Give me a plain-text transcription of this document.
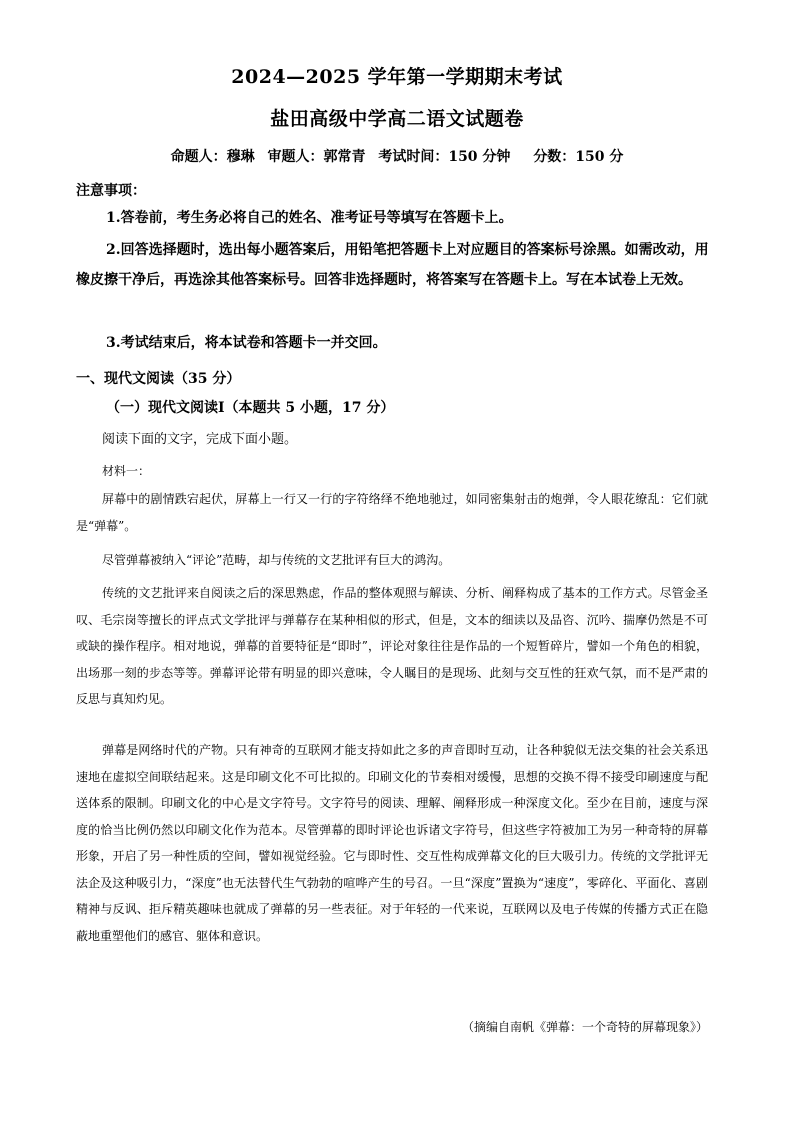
2024—2025 学年第一学期期末考试
盐田高级中学高二语文试题卷
命题人：穆琳 审题人：郭常青 考试时间：150 分钟 分数：150 分
注意事项：
1.答卷前，考生务必将自己的姓名、准考证号等填写在答题卡上。
2.回答选择题时，选出每小题答案后，用铅笔把答题卡上对应题目的答案标号涂黑。如需改动，用橡皮擦干净后，再选涂其他答案标号。回答非选择题时，将答案写在答题卡上。写在本试卷上无效。
3.考试结束后，将本试卷和答题卡一并交回。
一、现代文阅读（35 分）
（一）现代文阅读Ⅰ（本题共 5 小题，17 分）
阅读下面的文字，完成下面小题。
材料一：
屏幕中的剧情跌宕起伏，屏幕上一行又一行的字符络绎不绝地驰过，如同密集射击的炮弹，令人眼花缭乱：它们就是“弹幕”。
尽管弹幕被纳入“评论”范畴，却与传统的文艺批评有巨大的鸿沟。
传统的文艺批评来自阅读之后的深思熟虑，作品的整体观照与解读、分析、阐释构成了基本的工作方式。尽管金圣叹、毛宗岗等擅长的评点式文学批评与弹幕存在某种相似的形式，但是，文本的细读以及品咨、沉吟、揣摩仍然是不可或缺的操作程序。相对地说，弹幕的首要特征是“即时”，评论对象往往是作品的一个短暂碎片，譬如一个角色的相貌，出场那一刻的步态等等。弹幕评论带有明显的即兴意味，令人瞩目的是现场、此刻与交互性的狂欢气氛，而不是严肃的反思与真知灼见。
弹幕是网络时代的产物。只有神奇的互联网才能支持如此之多的声音即时互动，让各种貌似无法交集的社会关系迅速地在虚拟空间联结起来。这是印刷文化不可比拟的。印刷文化的节奏相对缓慢，思想的交换不得不接受印刷速度与配送体系的限制。印刷文化的中心是文字符号。文字符号的阅读、理解、阐释形成一种深度文化。至少在目前，速度与深度的恰当比例仍然以印刷文化作为范本。尽管弹幕的即时评论也诉诸文字符号，但这些字符被加工为另一种奇特的屏幕形象，开启了另一种性质的空间，譬如视觉经验。它与即时性、交互性构成弹幕文化的巨大吸引力。传统的文学批评无法企及这种吸引力，“深度”也无法替代生气勃勃的喧哗产生的号召。一旦“深度”置换为“速度”，零碎化、平面化、喜剧精神与反讽、拒斥精英趣味也就成了弹幕的另一些表征。对于年轻的一代来说，互联网以及电子传媒的传播方式正在隐蔽地重塑他们的感官、躯体和意识。
（摘编自南帆《弹幕：一个奇特的屏幕现象》）
